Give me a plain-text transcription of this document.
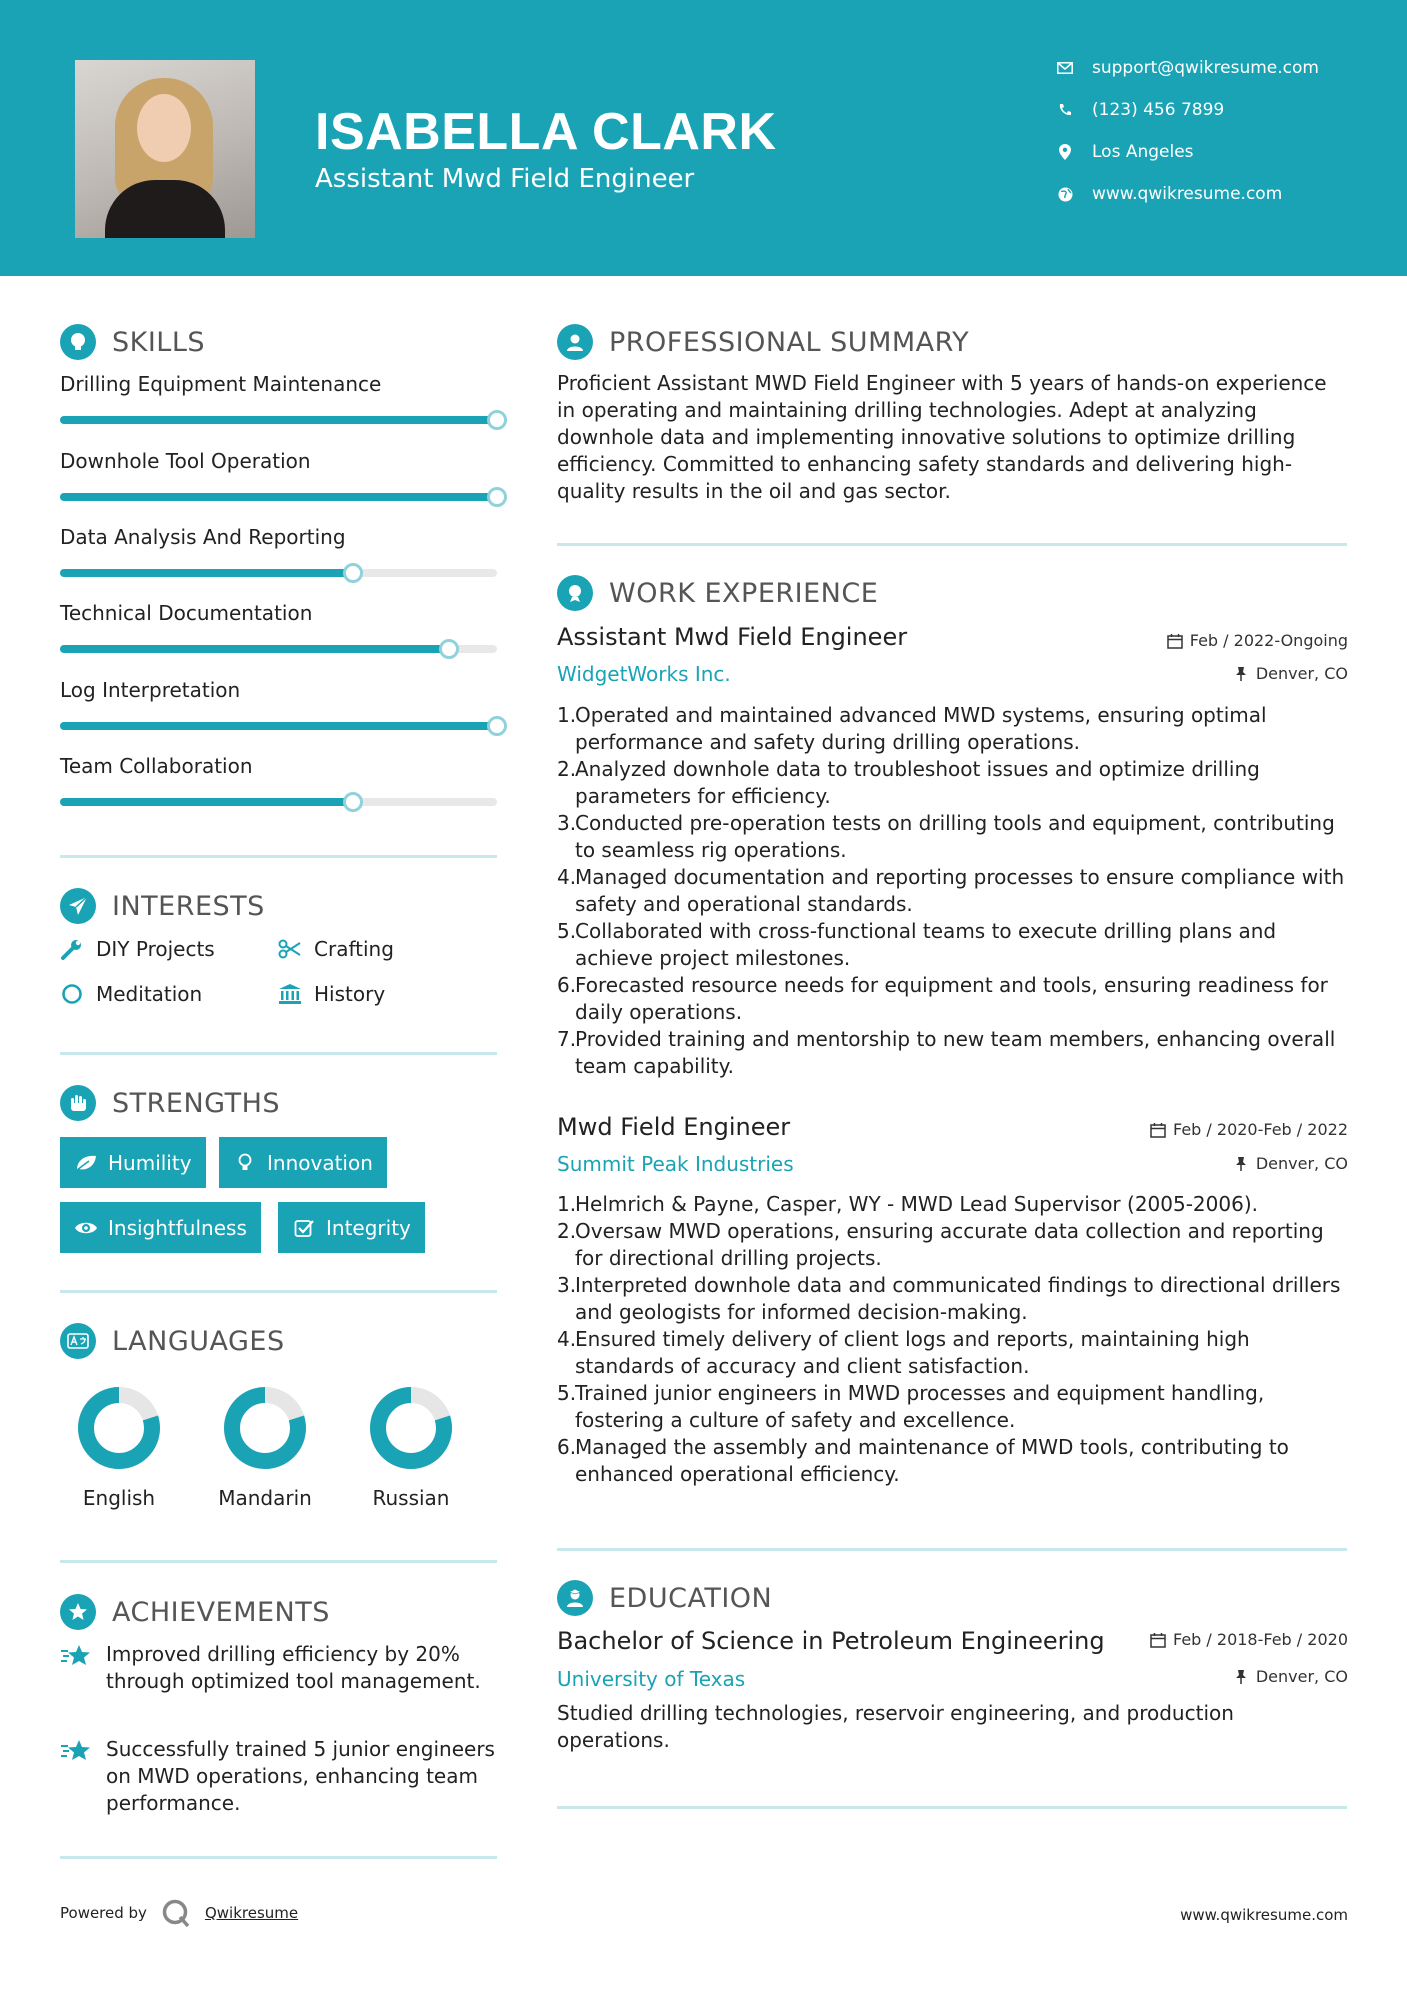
ISABELLA CLARK
Assistant Mwd Field Engineer
support@qwikresume.com
(123) 456 7899
Los Angeles
www.qwikresume.com
SKILLS
Drilling Equipment Maintenance
Downhole Tool Operation
Data Analysis And Reporting
Technical Documentation
Log Interpretation
Team Collaboration
INTERESTS
DIY Projects	Crafting
Meditation	History
STRENGTHS
Humility	Innovation
Insightfulness	Integrity
LANGUAGES
English	Mandarin	Russian
ACHIEVEMENTS
Improved drilling efficiency by 20% through optimized tool management.
Successfully trained 5 junior engineers on MWD operations, enhancing team performance.
PROFESSIONAL SUMMARY
Proficient Assistant MWD Field Engineer with 5 years of hands-on experience in operating and maintaining drilling technologies. Adept at analyzing downhole data and implementing innovative solutions to optimize drilling efficiency. Committed to enhancing safety standards and delivering high-quality results in the oil and gas sector.
WORK EXPERIENCE
Assistant Mwd Field Engineer	Feb / 2022-Ongoing
WidgetWorks Inc.	Denver, CO
1.
Operated and maintained advanced MWD systems, ensuring optimal performance and safety during drilling operations.
2.
Analyzed downhole data to troubleshoot issues and optimize drilling parameters for efficiency.
3.
Conducted pre-operation tests on drilling tools and equipment, contributing to seamless rig operations.
4.
Managed documentation and reporting processes to ensure compliance with safety and operational standards.
5.
Collaborated with cross-functional teams to execute drilling plans and achieve project milestones.
6.
Forecasted resource needs for equipment and tools, ensuring readiness for daily operations.
7.
Provided training and mentorship to new team members, enhancing overall team capability.
Mwd Field Engineer	Feb / 2020-Feb / 2022
Summit Peak Industries	Denver, CO
1.
Helmrich & Payne, Casper, WY - MWD Lead Supervisor (2005-2006).
2.
Oversaw MWD operations, ensuring accurate data collection and reporting for directional drilling projects.
3.
Interpreted downhole data and communicated findings to directional drillers and geologists for informed decision-making.
4.
Ensured timely delivery of client logs and reports, maintaining high standards of accuracy and client satisfaction.
5.
Trained junior engineers in MWD processes and equipment handling, fostering a culture of safety and excellence.
6.
Managed the assembly and maintenance of MWD tools, contributing to enhanced operational efficiency.
EDUCATION
Bachelor of Science in Petroleum Engineering	Feb / 2018-Feb / 2020
University of Texas	Denver, CO
Studied drilling technologies, reservoir engineering, and production operations.
Powered by	Qwikresume	www.qwikresume.com
